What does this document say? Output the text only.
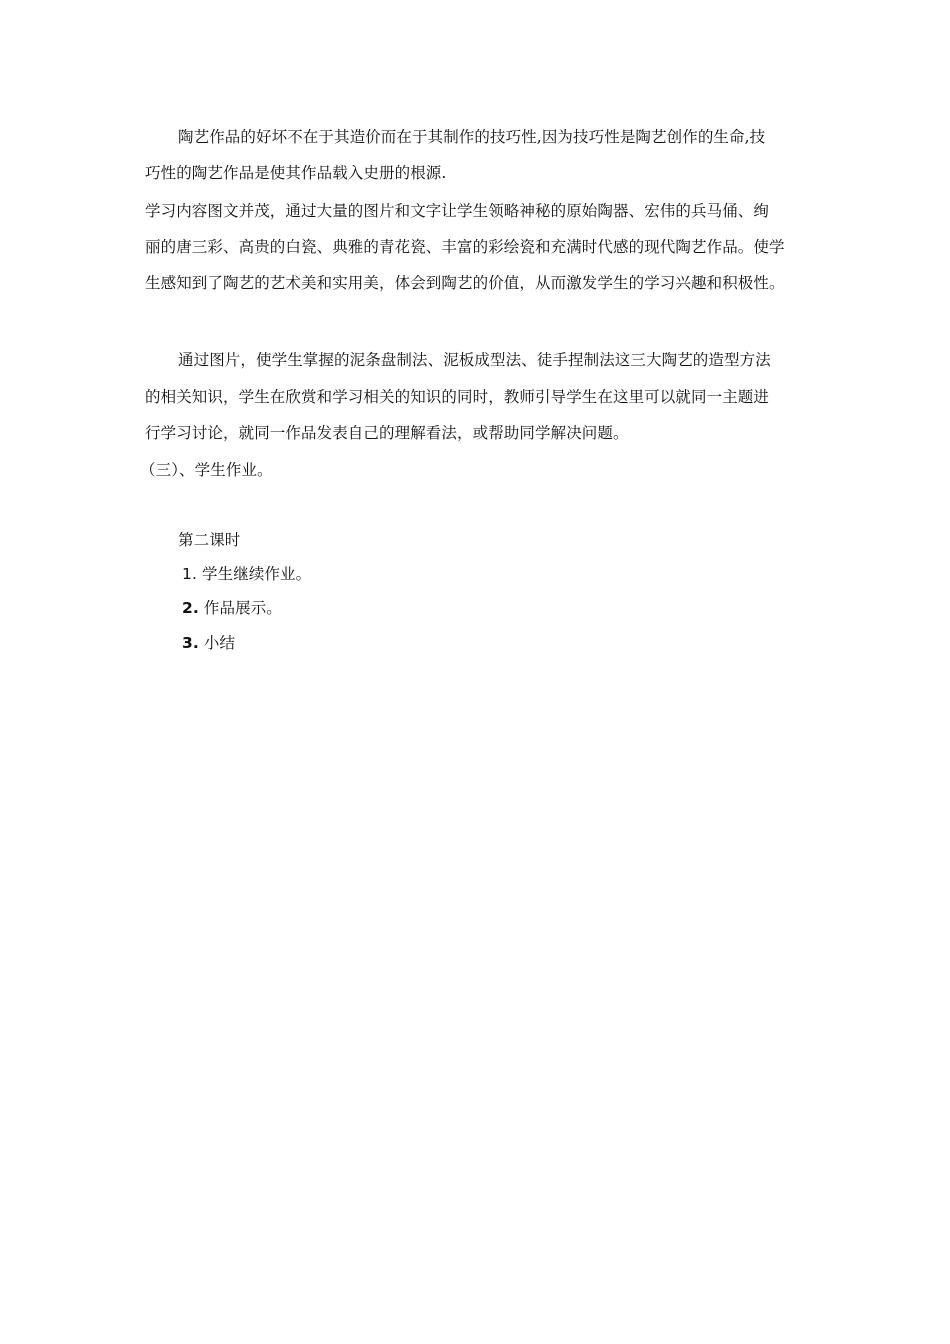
陶艺作品的好坏不在于其造价而在于其制作的技巧性,因为技巧性是陶艺创作的生命,技
巧性的陶艺作品是使其作品载入史册的根源.
学习内容图文并茂，通过大量的图片和文字让学生领略神秘的原始陶器、宏伟的兵马俑、绚
丽的唐三彩、高贵的白瓷、典雅的青花瓷、丰富的彩绘瓷和充满时代感的现代陶艺作品。使学
生感知到了陶艺的艺术美和实用美，体会到陶艺的价值，从而激发学生的学习兴趣和积极性。
通过图片，使学生掌握的泥条盘制法、泥板成型法、徒手捏制法这三大陶艺的造型方法
的相关知识，学生在欣赏和学习相关的知识的同时，教师引导学生在这里可以就同一主题进
行学习讨论，就同一作品发表自己的理解看法，或帮助同学解决问题。
（三）、学生作业。
第二课时
1. 学生继续作业。
2. 作品展示。
3. 小结
